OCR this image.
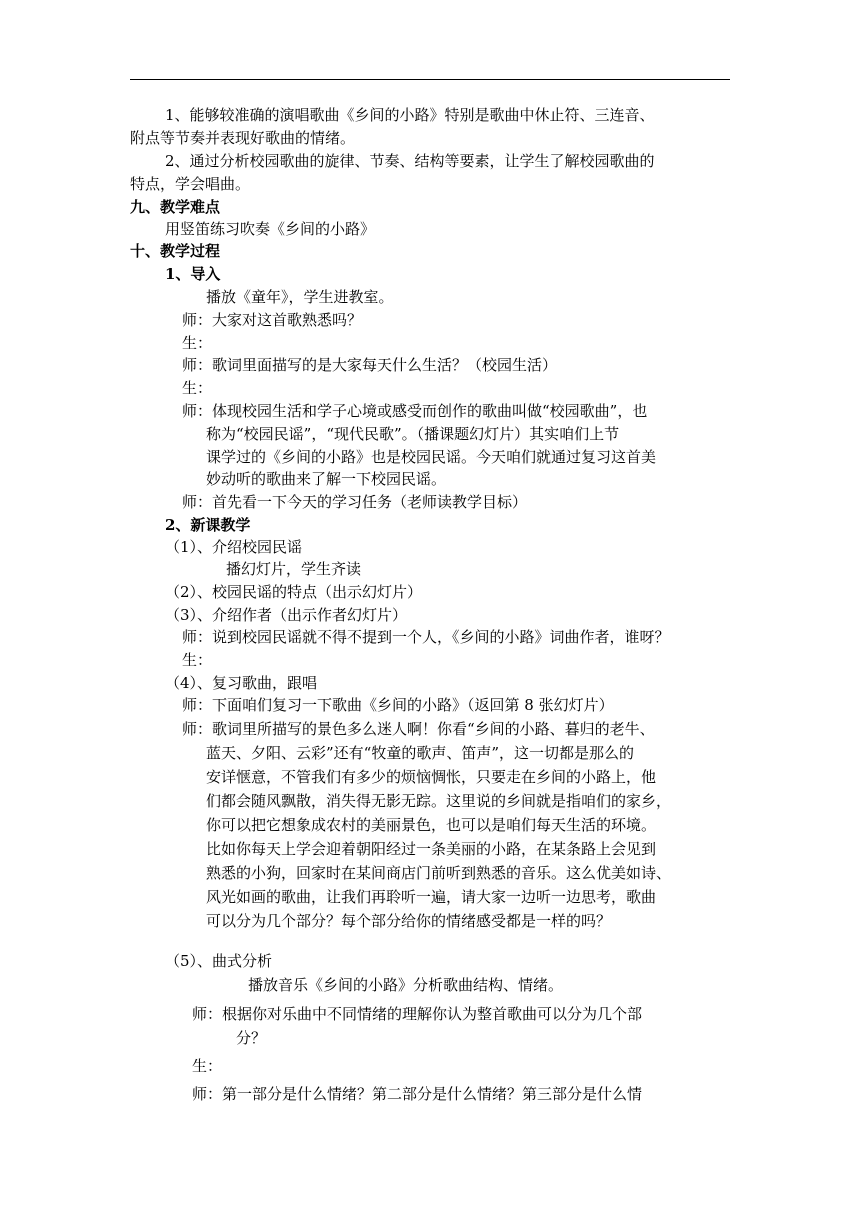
1、能够较准确的演唱歌曲《乡间的小路》特别是歌曲中休止符、三连音、
附点等节奏并表现好歌曲的情绪。
2、通过分析校园歌曲的旋律、节奏、结构等要素，让学生了解校园歌曲的
特点，学会唱曲。
九、教学难点
用竖笛练习吹奏《乡间的小路》
十、教学过程
1、导入
播放《童年》，学生进教室。
师：大家对这首歌熟悉吗？
生：
师：歌词里面描写的是大家每天什么生活？（校园生活）
生：
师：体现校园生活和学子心境或感受而创作的歌曲叫做“校园歌曲”，也
称为“校园民谣”，“现代民歌”。（播课题幻灯片）其实咱们上节
课学过的《乡间的小路》也是校园民谣。今天咱们就通过复习这首美
妙动听的歌曲来了解一下校园民谣。
师：首先看一下今天的学习任务（老师读教学目标）
2、新课教学
（1）、介绍校园民谣
播幻灯片，学生齐读
（2）、校园民谣的特点（出示幻灯片）
（3）、介绍作者（出示作者幻灯片）
师：说到校园民谣就不得不提到一个人，《乡间的小路》词曲作者，谁呀？
生：
（4）、复习歌曲，跟唱
师：下面咱们复习一下歌曲《乡间的小路》（返回第 8 张幻灯片）
师：歌词里所描写的景色多么迷人啊！你看“乡间的小路、暮归的老牛、
蓝天、夕阳、云彩”还有“牧童的歌声、笛声”，这一切都是那么的
安详惬意，不管我们有多少的烦恼惆怅，只要走在乡间的小路上，他
们都会随风飘散，消失得无影无踪。这里说的乡间就是指咱们的家乡，
你可以把它想象成农村的美丽景色，也可以是咱们每天生活的环境。
比如你每天上学会迎着朝阳经过一条美丽的小路，在某条路上会见到
熟悉的小狗，回家时在某间商店门前听到熟悉的音乐。这么优美如诗、
风光如画的歌曲，让我们再聆听一遍，请大家一边听一边思考，歌曲
可以分为几个部分？每个部分给你的情绪感受都是一样的吗？
（5）、曲式分析
播放音乐《乡间的小路》分析歌曲结构、情绪。
师：根据你对乐曲中不同情绪的理解你认为整首歌曲可以分为几个部
分？
生：
师：第一部分是什么情绪？第二部分是什么情绪？第三部分是什么情
